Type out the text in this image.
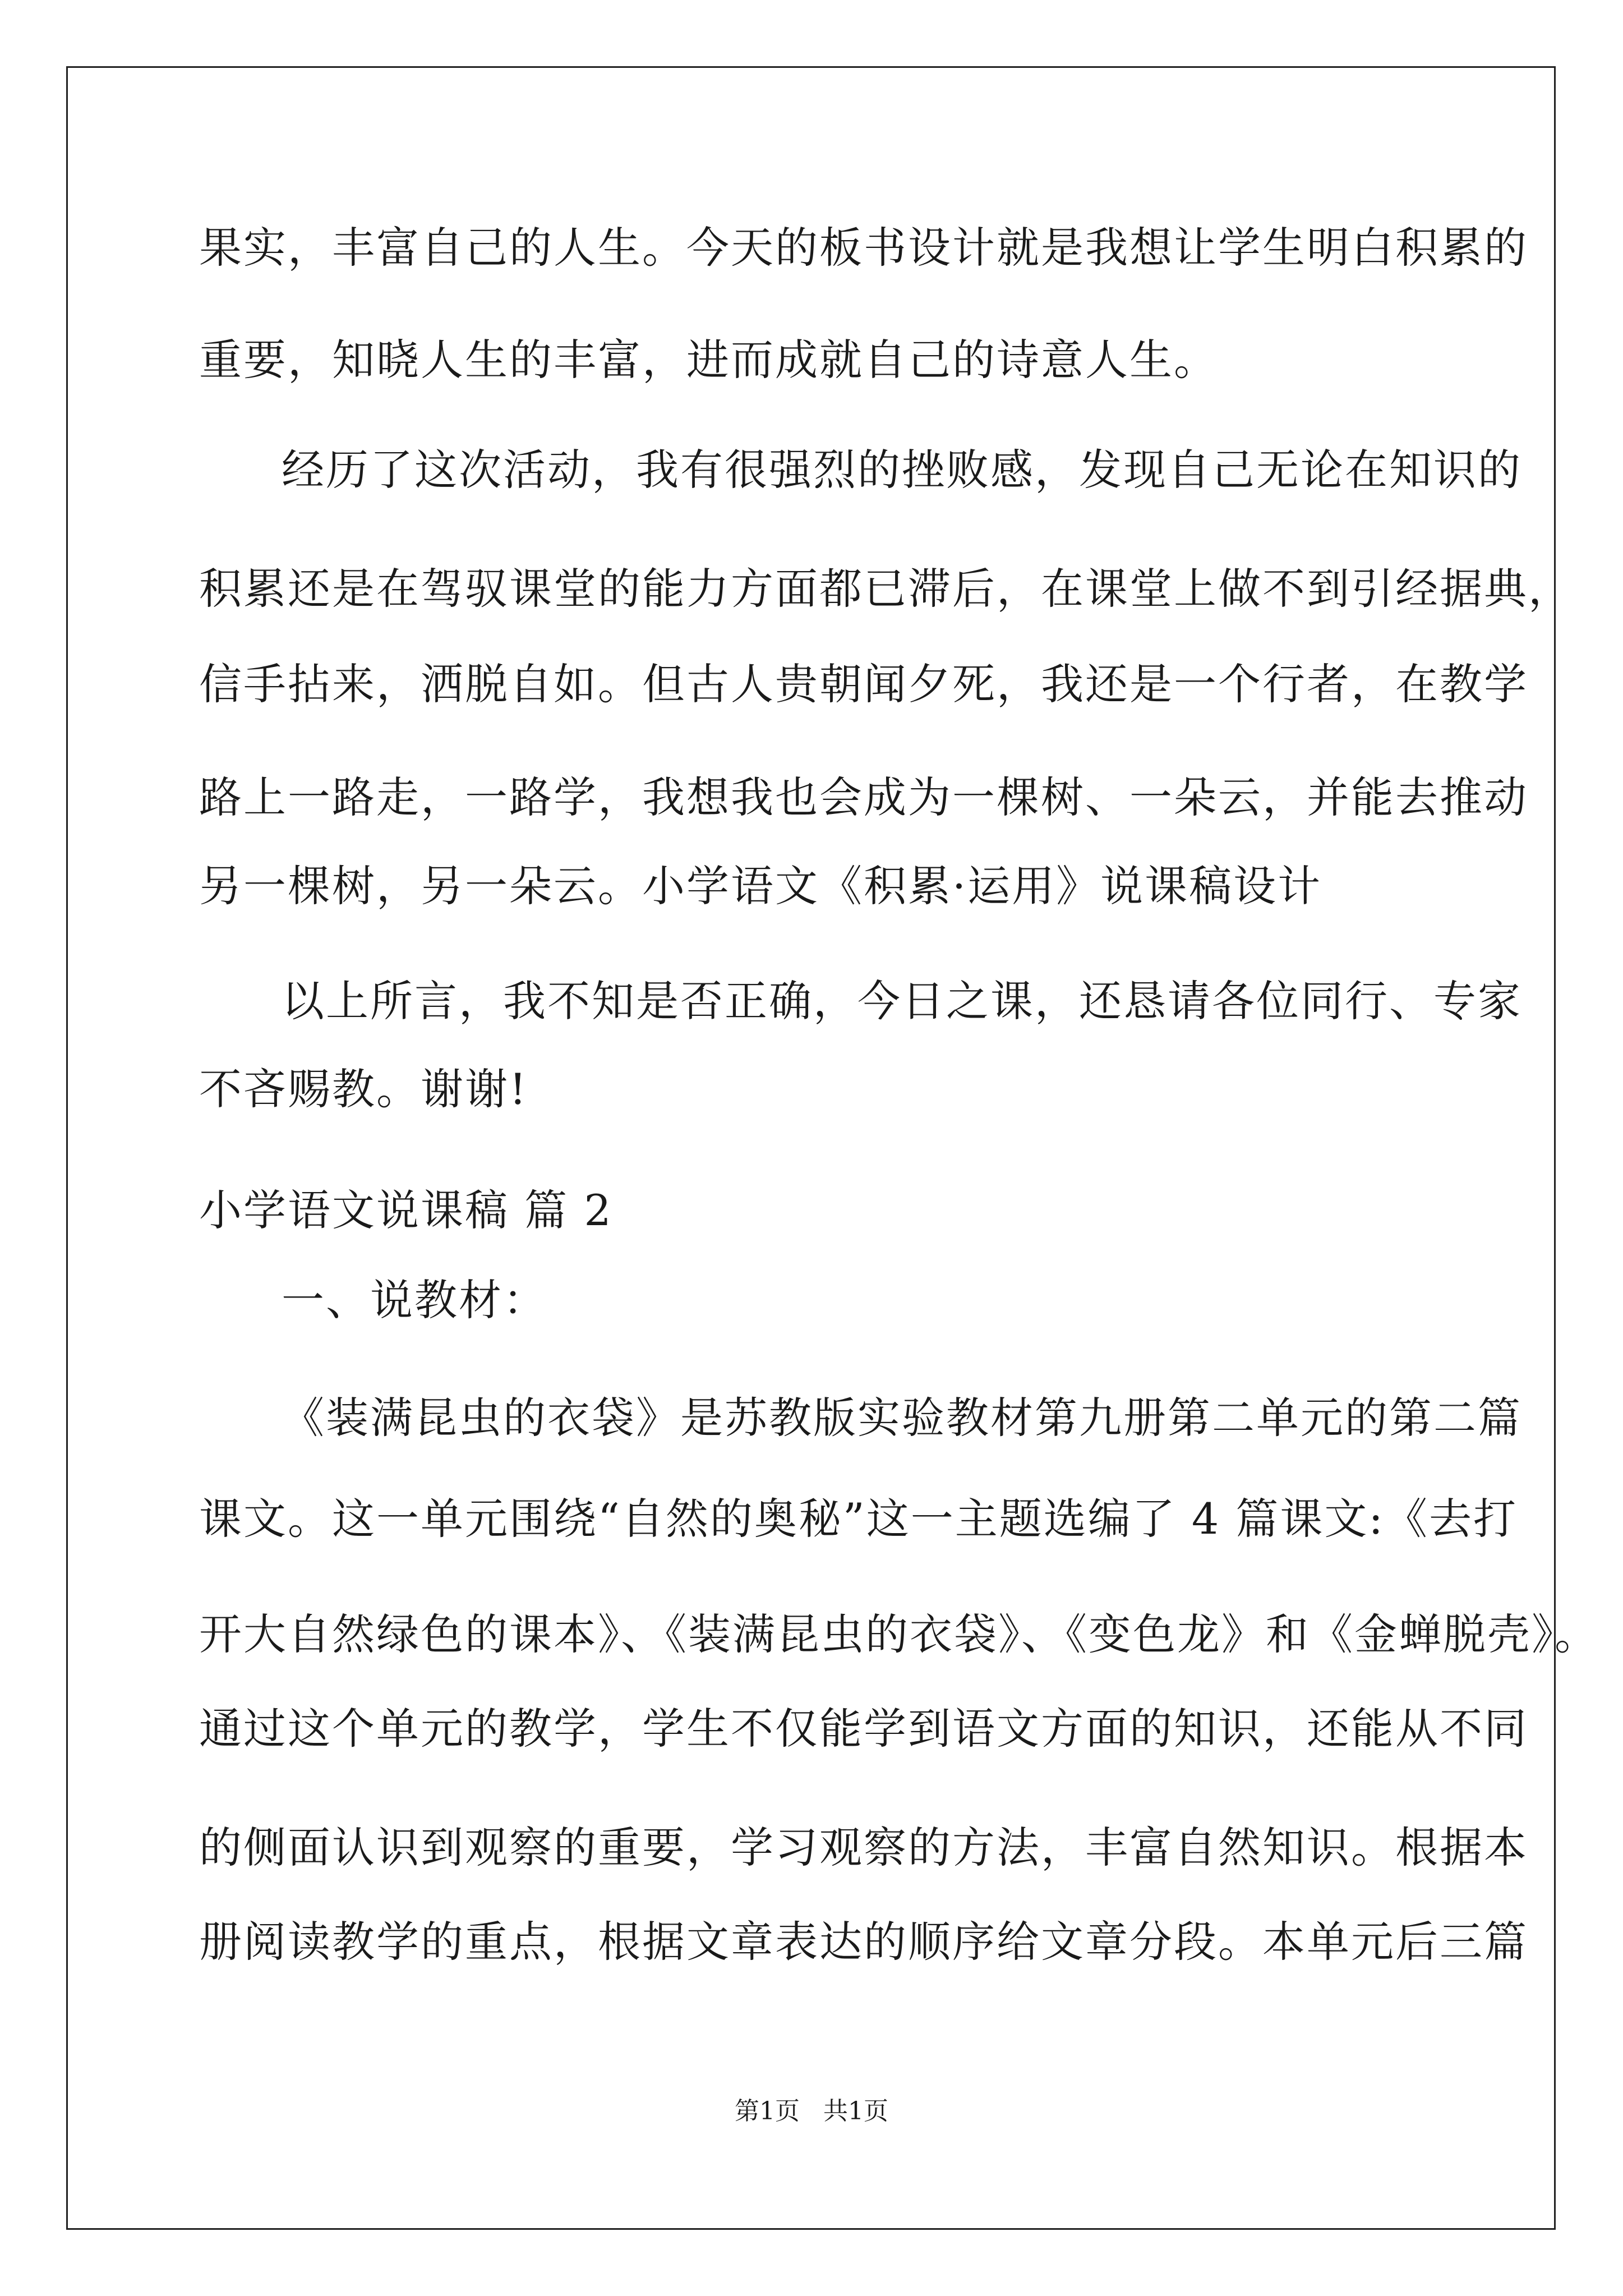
果实，丰富自己的人生。今天的板书设计就是我想让学生明白积累的

重要，知晓人生的丰富，进而成就自己的诗意人生。

经历了这次活动，我有很强烈的挫败感，发现自己无论在知识的

积累还是在驾驭课堂的能力方面都已滞后，在课堂上做不到引经据典，

信手拈来，洒脱自如。但古人贵朝闻夕死，我还是一个行者，在教学

路上一路走，一路学，我想我也会成为一棵树、一朵云，并能去推动

另一棵树，另一朵云。小学语文《积累·运用》说课稿设计

以上所言，我不知是否正确，今日之课，还恳请各位同行、专家

不吝赐教。谢谢!

小学语文说课稿 篇 2

一、说教材：

《装满昆虫的衣袋》是苏教版实验教材第九册第二单元的第二篇

课文。这一单元围绕“自然的奥秘”这一主题选编了 4 篇课文:《去打

开大自然绿色的课本》、《装满昆虫的衣袋》、《变色龙》和《金蝉脱壳》。

通过这个单元的教学，学生不仅能学到语文方面的知识，还能从不同

的侧面认识到观察的重要，学习观察的方法，丰富自然知识。根据本

册阅读教学的重点，根据文章表达的顺序给文章分段。本单元后三篇

第1页   共1页
